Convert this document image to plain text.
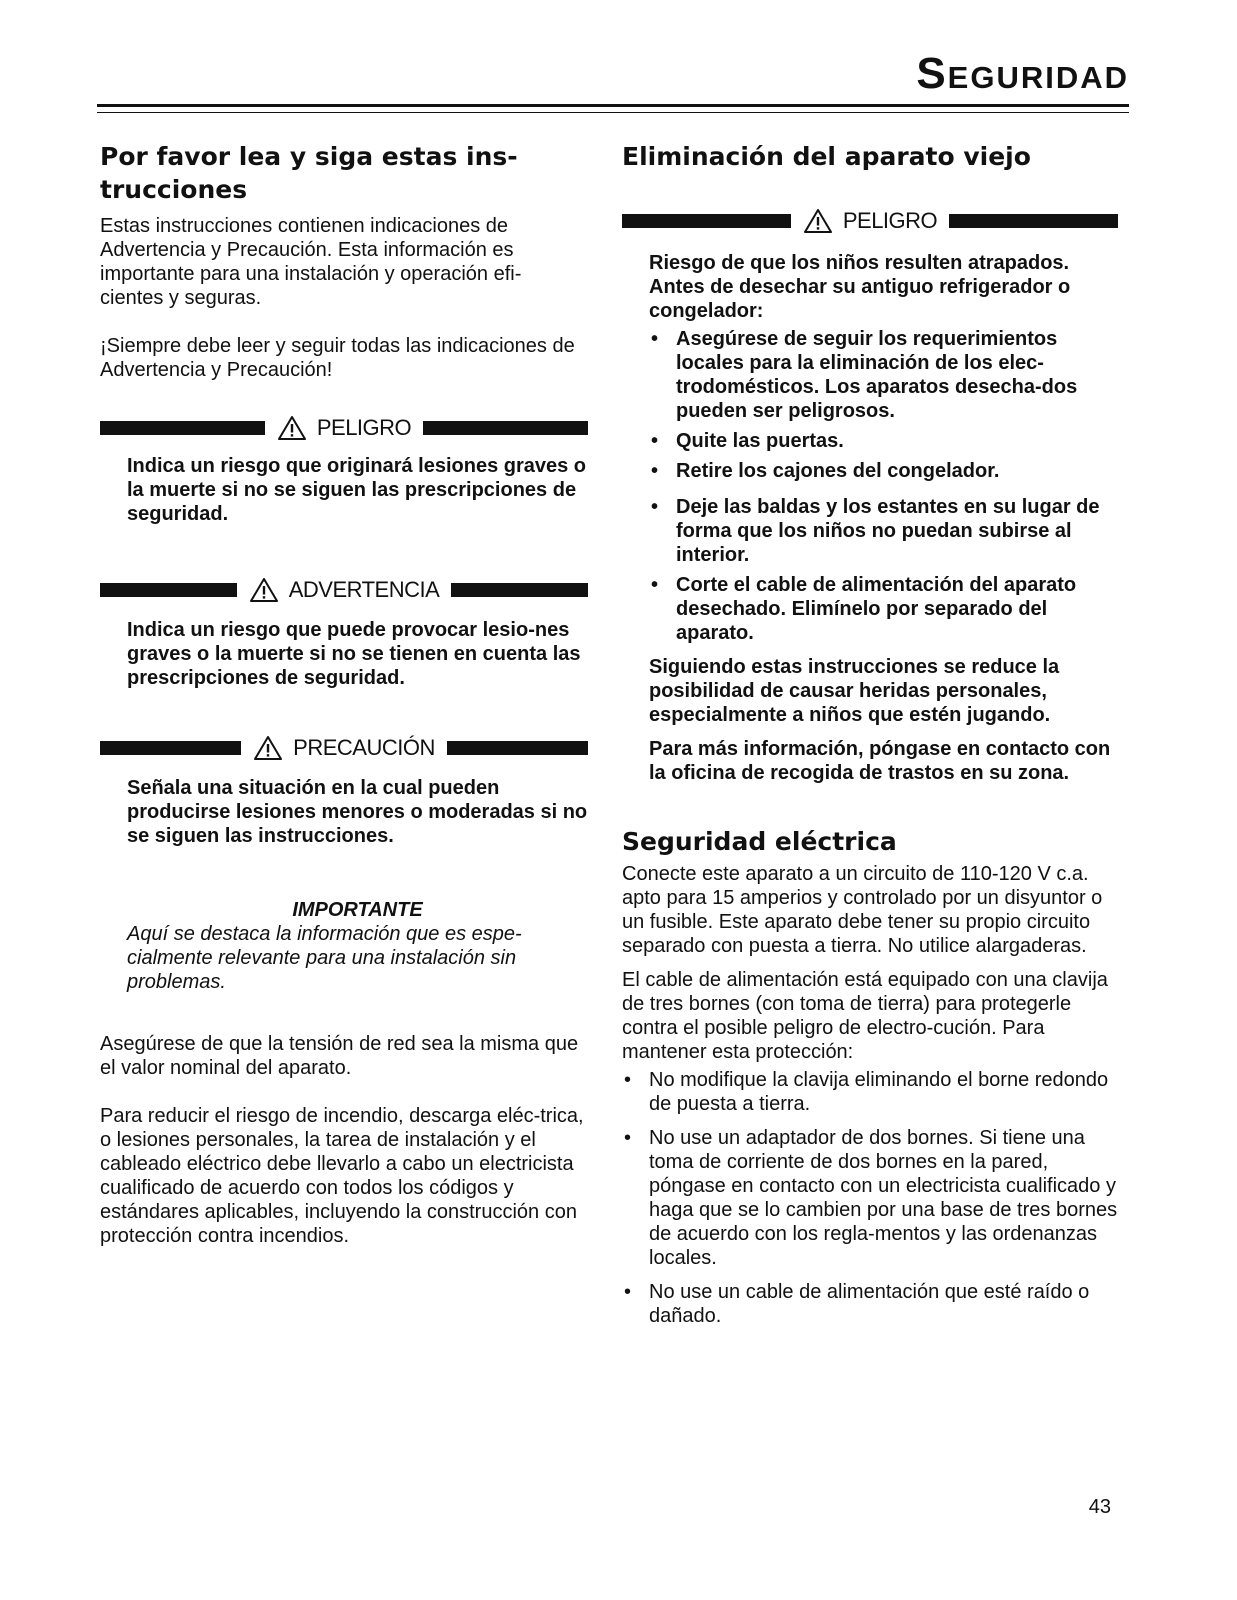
Seguridad
Por favor lea y siga estas ins-trucciones

Estas instrucciones contienen indicaciones de Advertencia y Precaución. Esta información es importante para una instalación y operación efi-cientes y seguras.

¡Siempre debe leer y seguir todas las indicaciones de Advertencia y Precaución!

PELIGRO

Indica un riesgo que originará lesiones graves o la muerte si no se siguen las prescripciones de seguridad.

ADVERTENCIA

Indica un riesgo que puede provocar lesio-nes graves o la muerte si no se tienen en cuenta las prescripciones de seguridad.

PRECAUCIÓN

Señala una situación en la cual pueden producirse lesiones menores o moderadas si no se siguen las instrucciones.

IMPORTANTE

Aquí se destaca la información que es espe-cialmente relevante para una instalación sin problemas.

Asegúrese de que la tensión de red sea la misma que el valor nominal del aparato.

Para reducir el riesgo de incendio, descarga eléc-trica, o lesiones personales, la tarea de instalación y el cableado eléctrico debe llevarlo a cabo un electricista cualificado de acuerdo con todos los códigos y estándares aplicables, incluyendo la construcción con protección contra incendios.

Eliminación del aparato viejo
PELIGRO

Riesgo de que los niños resulten atrapados. Antes de desechar su antiguo refrigerador o congelador:

• Asegúrese de seguir los requerimientos locales para la eliminación de los elec-trodomésticos. Los aparatos desecha-dos pueden ser peligrosos.
• Quite las puertas.
• Retire los cajones del congelador.
• Deje las baldas y los estantes en su lugar de forma que los niños no puedan subirse al interior.
• Corte el cable de alimentación del aparato desechado. Elimínelo por separado del aparato.

Siguiendo estas instrucciones se reduce la posibilidad de causar heridas personales, especialmente a niños que estén jugando.

Para más información, póngase en contacto con la oficina de recogida de trastos en su zona.

Seguridad eléctrica

Conecte este aparato a un circuito de 110-120 V c.a. apto para 15 amperios y controlado por un disyuntor o un fusible. Este aparato debe tener su propio circuito separado con puesta a tierra. No utilice alargaderas.

El cable de alimentación está equipado con una clavija de tres bornes (con toma de tierra) para protegerle contra el posible peligro de electro-cución. Para mantener esta protección:

• No modifique la clavija eliminando el borne redondo de puesta a tierra.
• No use un adaptador de dos bornes. Si tiene una toma de corriente de dos bornes en la pared, póngase en contacto con un electricista cualificado y haga que se lo cambien por una base de tres bornes de acuerdo con los regla-mentos y las ordenanzas locales.
• No use un cable de alimentación que esté raído o dañado.
43
